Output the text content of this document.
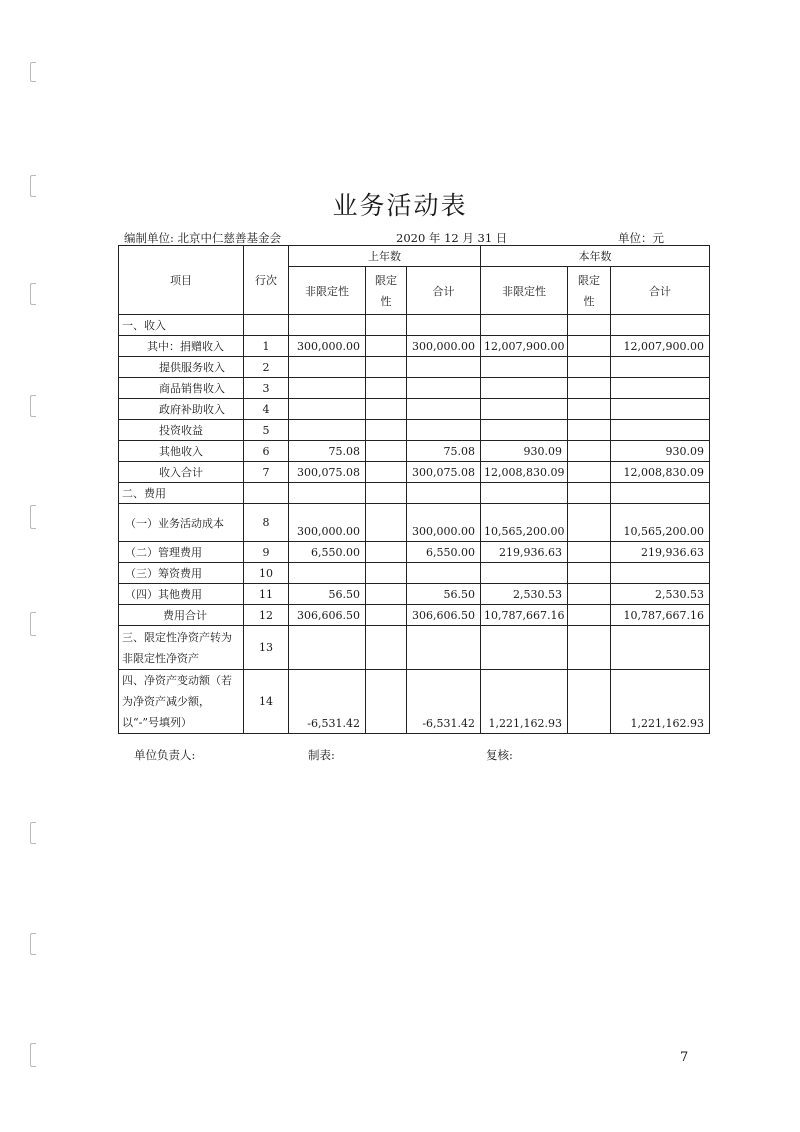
业务活动表
编制单位: 北京中仁慈善基金会	2020 年 12 月 31 日	单位：元
项目	行次	上年数			本年数		
		非限定性	限定 性	合计	非限定性	限定 性	合计
一、收入							
其中：捐赠收入	1	300,000.00		300,000.00	12,007,900.00		12,007,900.00
提供服务收入	2						
商品销售收入	3						
政府补助收入	4						
投资收益	5						
其他收入	6	75.08		75.08	930.09		930.09
收入合计	7	300,075.08		300,075.08	12,008,830.09		12,008,830.09
二、费用							
（一）业务活动成本	8	300,000.00		300,000.00	10,565,200.00		10,565,200.00
（二）管理费用	9	6,550.00		6,550.00	219,936.63		219,936.63
（三）筹资费用	10						
（四）其他费用	11	56.50		56.50	2,530.53		2,530.53
费用合计	12	306,606.50		306,606.50	10,787,667.16		10,787,667.16
三、限定性净资产转为非限定性净资产	13						
四、净资产变动额（若为净资产减少额，以“-”号填列）	14	-6,531.42		-6,531.42	1,221,162.93		1,221,162.93
单位负责人:	制表:	复核:
7
